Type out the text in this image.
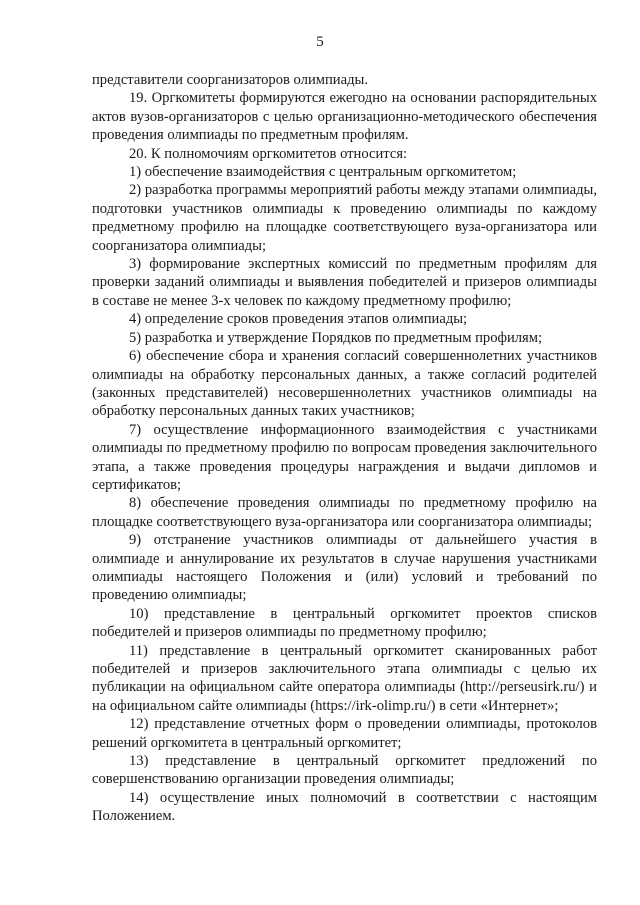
5

представители соорганизаторов олимпиады.

19. Оргкомитеты формируются ежегодно на основании распорядительных актов вузов-организаторов с целью организационно-методического обеспечения проведения олимпиады по предметным профилям.

20. К полномочиям оргкомитетов относится:

1) обеспечение взаимодействия с центральным оргкомитетом;

2) разработка программы мероприятий работы между этапами олимпиады, подготовки участников олимпиады к проведению олимпиады по каждому предметному профилю на площадке соответствующего вуза-организатора или соорганизатора олимпиады;

3) формирование экспертных комиссий по предметным профилям для проверки заданий олимпиады и выявления победителей и призеров олимпиады в составе не менее 3-х человек по каждому предметному профилю;

4) определение сроков проведения этапов олимпиады;

5) разработка и утверждение Порядков по предметным профилям;

6) обеспечение сбора и хранения согласий совершеннолетних участников олимпиады на обработку персональных данных, а также согласий родителей (законных представителей) несовершеннолетних участников олимпиады на обработку персональных данных таких участников;

7) осуществление информационного взаимодействия с участниками олимпиады по предметному профилю по вопросам проведения заключительного этапа, а также проведения процедуры награждения и выдачи дипломов и сертификатов;

8) обеспечение проведения олимпиады по предметному профилю на площадке соответствующего вуза-организатора или соорганизатора олимпиады;

9) отстранение участников олимпиады от дальнейшего участия в олимпиаде и аннулирование их результатов в случае нарушения участниками олимпиады настоящего Положения и (или) условий и требований по проведению олимпиады;

10) представление в центральный оргкомитет проектов списков победителей и призеров олимпиады по предметному профилю;

11) представление в центральный оргкомитет сканированных работ победителей и призеров заключительного этапа олимпиады с целью их публикации на официальном сайте оператора олимпиады (http://perseusirk.ru/) и на официальном сайте олимпиады (https://irk-olimp.ru/) в сети «Интернет»;

12) представление отчетных форм о проведении олимпиады, протоколов решений оргкомитета в центральный оргкомитет;

13) представление в центральный оргкомитет предложений по совершенствованию организации проведения олимпиады;

14) осуществление иных полномочий в соответствии с настоящим Положением.
